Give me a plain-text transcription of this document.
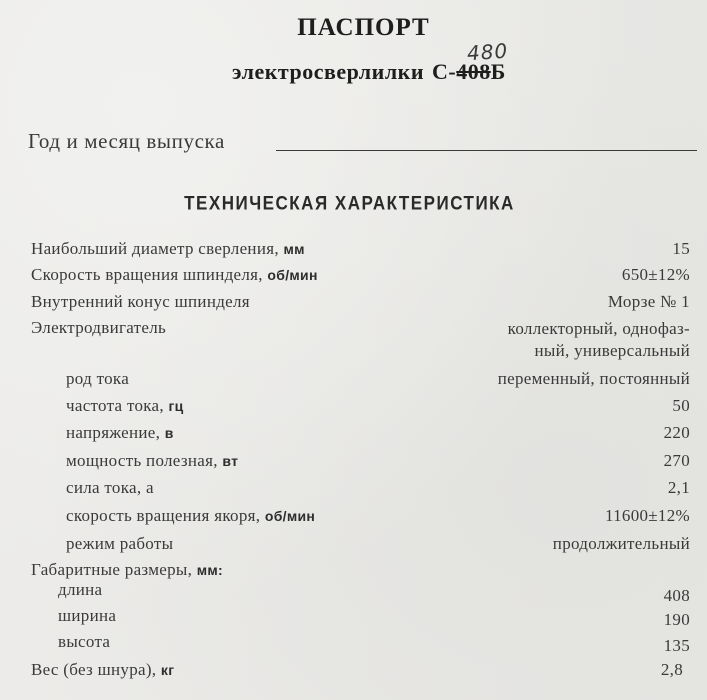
ПАСПОРТ
480
электросверлилки С-408Б
Год и месяц выпуска
ТЕХНИЧЕСКАЯ ХАРАКТЕРИСТИКА
Наибольший диаметр сверления, мм	15
Скорость вращения шпинделя, об/мин	650±12%
Внутренний конус шпинделя	Морзе № 1
Электродвигатель	коллекторный, однофаз-
ный, универсальный
род тока	переменный, постоянный
частота тока, гц	50
напряжение, в	220
мощность полезная, вт	270
сила тока, а	2,1
скорость вращения якоря, об/мин	11600±12%
режим работы	продолжительный
Габаритные размеры, мм:
длина	408
ширина	190
высота	135
Вес (без шнура), кг	2,8
